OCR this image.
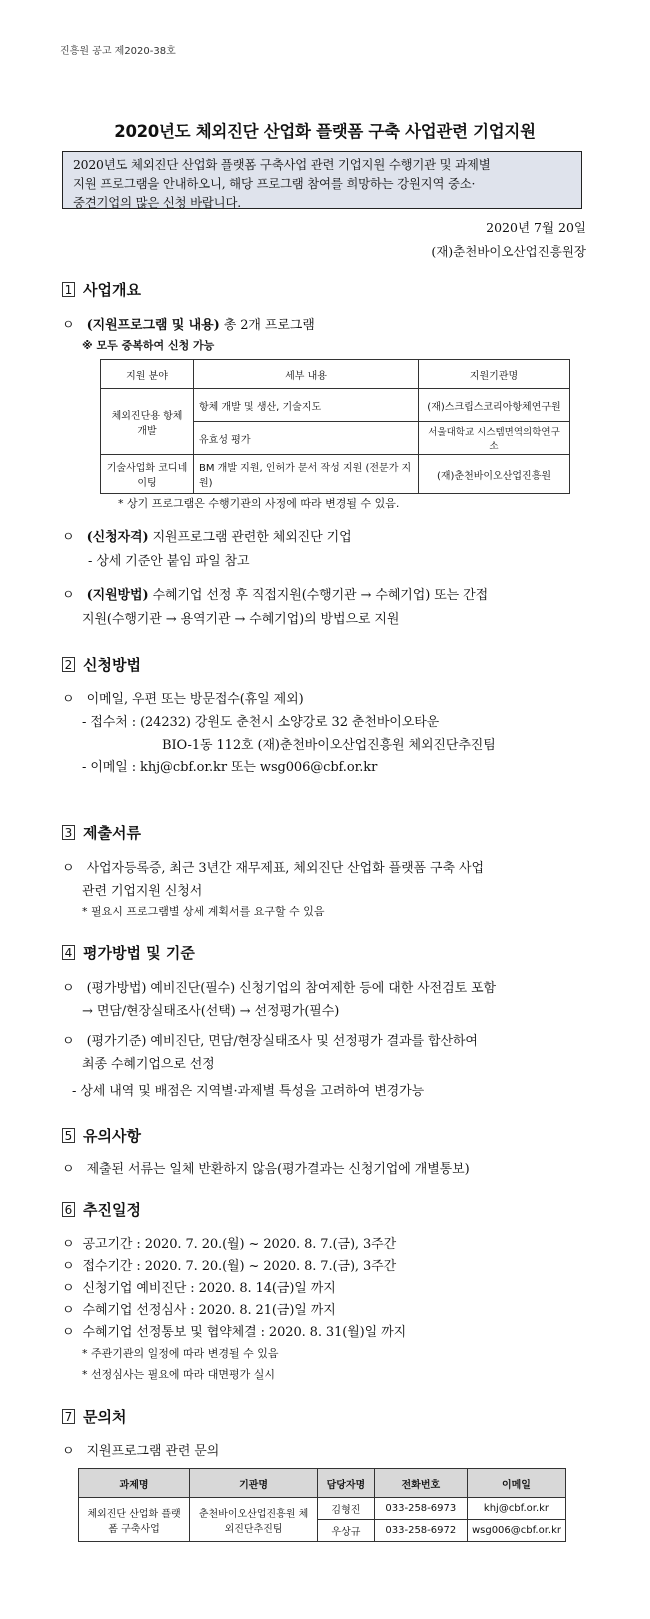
진흥원 공고 제2020-38호
2020년도 체외진단 산업화 플랫폼 구축 사업관련 기업지원
2020년도 체외진단 산업화 플랫폼 구축사업 관련 기업지원 수행기관 및 과제별
지원 프로그램을 안내하오니, 해당 프로그램 참여를 희망하는 강원지역 중소·
중견기업의 많은 신청 바랍니다.
2020년 7월 20일
(재)춘천바이오산업진흥원장
1 사업개요
ㅇ   (지원프로그램 및 내용) 총 2개 프로그램
※ 모두 중복하여 신청 가능
지원 분야	세부 내용	지원기관명
체외진단용 항체 개발	항체 개발 및 생산, 기술지도	(재)스크립스코리아항체연구원
	유효성 평가	서울대학교 시스템면역의학연구소
기술사업화 코디네이팅	BM 개발 지원, 인허가 문서 작성 지원 (전문가 지원)	(재)춘천바이오산업진흥원
* 상기 프로그램은 수행기관의 사정에 따라 변경될 수 있음.
ㅇ   (신청자격) 지원프로그램 관련한 체외진단 기업
- 상세 기준안 붙임 파일 참고
ㅇ   (지원방법) 수혜기업 선정 후 직접지원(수행기관 → 수혜기업) 또는 간접
지원(수행기관 → 용역기관 → 수혜기업)의 방법으로 지원
2 신청방법
ㅇ   이메일, 우편 또는 방문접수(휴일 제외)
- 접수처 : (24232) 강원도 춘천시 소양강로 32 춘천바이오타운
BIO-1동 112호 (재)춘천바이오산업진흥원 체외진단추진팀
- 이메일 : khj@cbf.or.kr 또는 wsg006@cbf.or.kr
3 제출서류
ㅇ   사업자등록증, 최근 3년간 재무제표, 체외진단 산업화 플랫폼 구축 사업
관련 기업지원 신청서
* 필요시 프로그램별 상세 계획서를 요구할 수 있음
4 평가방법 및 기준
ㅇ   (평가방법) 예비진단(필수) 신청기업의 참여제한 등에 대한 사전검토 포함
→ 면담/현장실태조사(선택) → 선정평가(필수)
ㅇ   (평가기준) 예비진단, 면담/현장실태조사 및 선정평가 결과를 합산하여
최종 수혜기업으로 선정
- 상세 내역 및 배점은 지역별·과제별 특성을 고려하여 변경가능
5 유의사항
ㅇ   제출된 서류는 일체 반환하지 않음(평가결과는 신청기업에 개별통보)
6 추진일정
ㅇ  공고기간 : 2020. 7. 20.(월) ~ 2020. 8. 7.(금), 3주간
ㅇ  접수기간 : 2020. 7. 20.(월) ~ 2020. 8. 7.(금), 3주간
ㅇ  신청기업 예비진단 : 2020. 8. 14(금)일 까지
ㅇ  수혜기업 선정심사 : 2020. 8. 21(금)일 까지
ㅇ  수혜기업 선정통보 및 협약체결 : 2020. 8. 31(월)일 까지
* 주관기관의 일정에 따라 변경될 수 있음
* 선정심사는 필요에 따라 대면평가 실시
7 문의처
ㅇ   지원프로그램 관련 문의
과제명	기관명	담당자명	전화번호	이메일
체외진단 산업화 플랫폼 구축사업	춘천바이오산업진흥원 체외진단추진팀	김형진	033-258-6973	khj@cbf.or.kr
		우상규	033-258-6972	wsg006@cbf.or.kr
